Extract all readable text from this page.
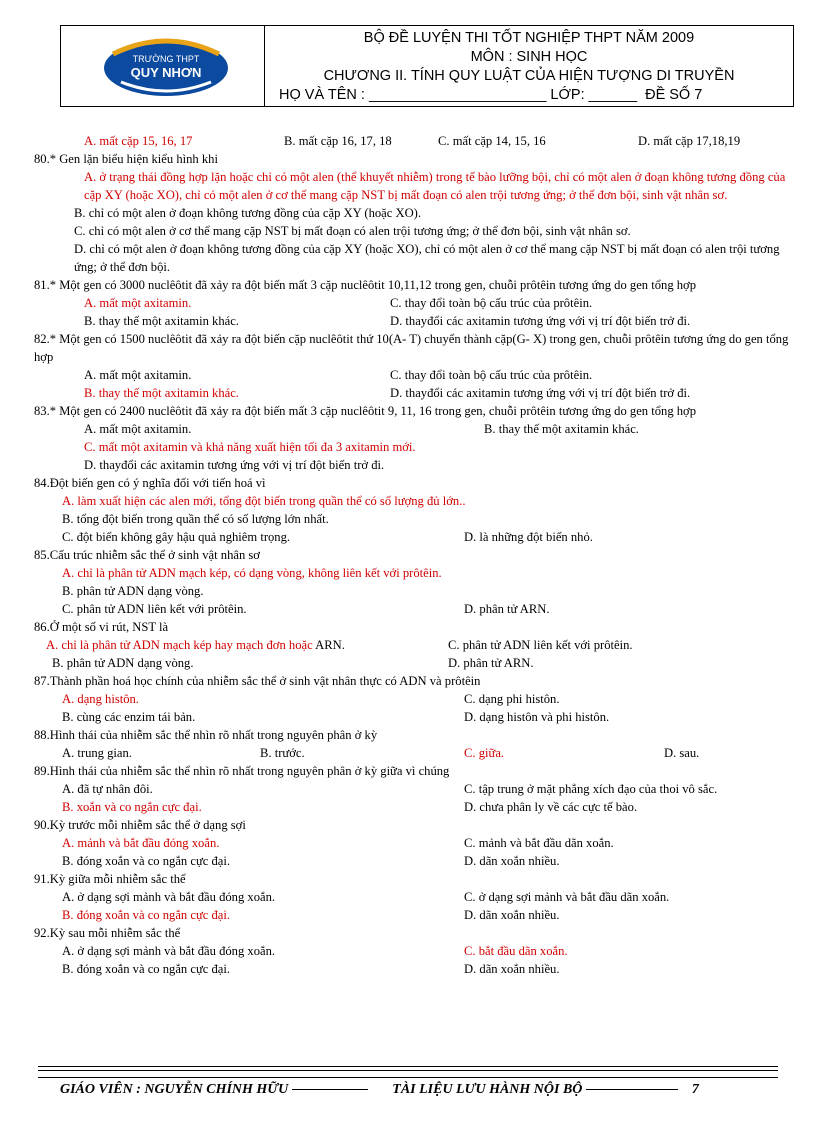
TRƯỜNG THPT
QUY NHƠN
BỘ ĐỀ LUYỆN THI TỐT NGHIỆP THPT NĂM 2009
MÔN : SINH HỌC
CHƯƠNG II. TÍNH QUY LUẬT CỦA HIỆN TƯỢNG DI TRUYỀN
HỌ VÀ TÊN : ______________________ LỚP: ______ ĐỀ SỐ 7
A. mất cặp 15, 16, 17	B. mất cặp 16, 17, 18	C. mất cặp 14, 15, 16	D. mất cặp 17,18,19
80.* Gen lặn biểu hiện kiểu hình khi
A. ở trạng thái đồng hợp lặn hoặc chỉ có một alen (thể khuyết nhiễm) trong tế bào lưỡng bội, chỉ có một alen ở đoạn không tương đồng của cặp XY (hoặc XO), chỉ có một alen ở cơ thể mang cặp NST bị mất đoạn có alen trội tương ứng; ở thể đơn bội, sinh vật nhân sơ.
B. chỉ có một alen ở đoạn không tương đồng của cặp XY (hoặc XO).
C. chỉ có một alen ở cơ thể mang cặp NST bị mất đoạn có alen trội tương ứng; ở thể đơn bội, sinh vật nhân sơ.
D. chỉ có một alen ở đoạn không tương đồng của cặp XY (hoặc XO), chỉ có một alen ở cơ thể mang cặp NST bị mất đoạn có alen trội tương ứng; ở thể đơn bội.
81.* Một gen có 3000 nuclêôtit đã xảy ra đột biến mất 3 cặp nuclêôtit 10,11,12 trong gen, chuỗi prôtêin tương ứng do gen tổng hợp
A. mất một axitamin.	C. thay đổi toàn bộ cấu trúc của prôtêin.
B. thay thế một axitamin khác.	D. thayđổi các axitamin tương ứng với vị trí đột biến trở đi.
82.* Một gen có 1500 nuclêôtit đã xảy ra đột biến cặp nuclêôtit thứ 10(A- T) chuyển thành cặp(G- X) trong gen, chuỗi prôtêin tương ứng do gen tổng hợp
A. mất một axitamin.	C. thay đổi toàn bộ cấu trúc của prôtêin.
B. thay thế một axitamin khác.	D. thayđổi các axitamin tương ứng với vị trí đột biến trở đi.
83.* Một gen có 2400 nuclêôtit đã xảy ra đột biến mất 3 cặp nuclêôtit 9, 11, 16 trong gen, chuỗi prôtêin tương ứng do gen tổng hợp
A. mất một axitamin.	B. thay thế một axitamin khác.
C. mất một axitamin và khả năng xuất hiện tối đa 3 axitamin mới.
D. thayđổi các axitamin tương ứng với vị trí đột biến trở đi.
84.Đột biến gen có ý nghĩa đối với tiến hoá vì
A. làm xuất hiện các alen mới, tổng đột biến trong quần thể có số lượng đủ lớn..
B. tổng đột biến trong quần thể có số lượng lớn nhất.
C. đột biến không gây hậu quả nghiêm trọng.	D. là những đột biến nhỏ.
85.Cấu trúc nhiễm sắc thể ở sinh vật nhân sơ
A. chỉ là phân tử ADN mạch kép, có dạng vòng, không liên kết với prôtêin.
B. phân tử ADN dạng vòng.
C. phân tử ADN liên kết với prôtêin.	D. phân tử ARN.
86.Ở một số vi rút, NST là
A. chỉ là phân tử ADN mạch kép hay mạch đơn hoặc ARN.	C. phân tử ADN liên kết với prôtêin.
B. phân tử ADN dạng vòng.	D. phân tử ARN.
87.Thành phần hoá học chính của nhiễm sắc thể ở sinh vật nhân thực có ADN và prôtêin
A. dạng histôn.	C. dạng phi histôn.
B. cùng các enzim tái bản.	D. dạng histôn và phi histôn.
88.Hình thái của nhiễm sắc thể nhìn rõ nhất trong nguyên phân ở kỳ
A. trung gian.	B. trước.	C. giữa.	D. sau.
89.Hình thái của nhiễm sắc thể nhìn rõ nhất trong nguyên phân ở kỳ giữa vì chúng
A. đã tự nhân đôi.	C. tập trung ở mặt phẳng xích đạo của thoi vô sắc.
B. xoắn và co ngắn cực đại.	D. chưa phân ly về các cực tế bào.
90.Kỳ trước mỗi nhiễm sắc thể ở dạng sợi
A. mảnh và bắt đầu đóng xoắn.	C. mảnh và bắt đầu dãn xoắn.
B. đóng xoắn và co ngắn cực đại.	D. dãn xoắn nhiều.
91.Kỳ giữa mỗi nhiễm sắc thể
A. ở dạng sợi mảnh và bắt đầu đóng xoắn.	C. ở dạng sợi mảnh và bắt đầu dãn xoắn.
B. đóng xoắn và co ngắn cực đại.	D. dãn xoắn nhiều.
92.Kỳ sau mỗi nhiễm sắc thể
A. ở dạng sợi mảnh và bắt đầu đóng xoắn.	C. bắt đầu dãn xoắn.
B. đóng xoắn và co ngắn cực đại.	D. dãn xoắn nhiều.
GIÁO VIÊN : NGUYỄN CHÍNH HỮU	TÀI LIỆU LƯU HÀNH NỘI BỘ	7
